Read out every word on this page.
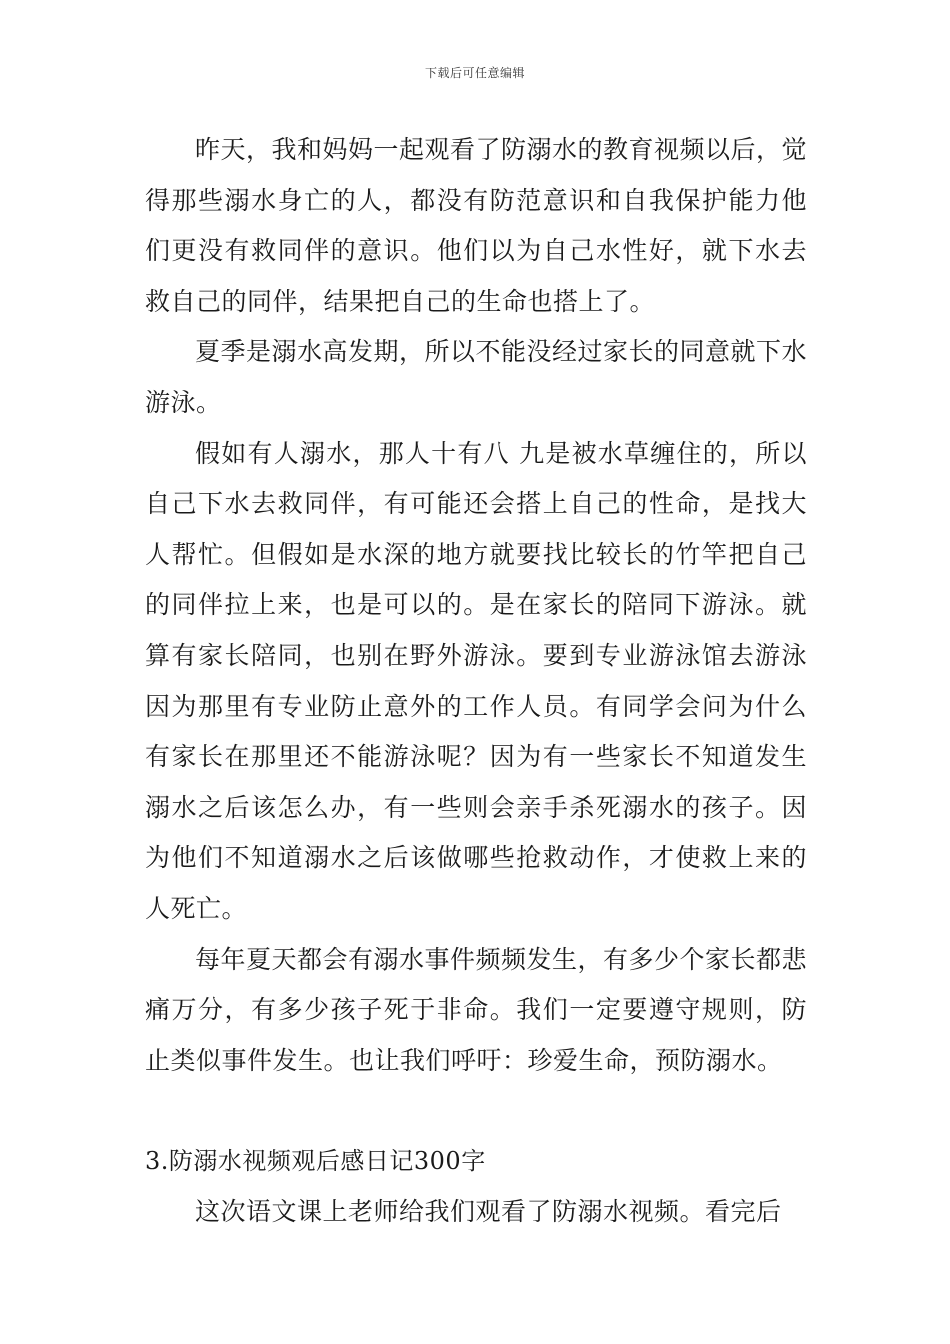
下载后可任意编辑

昨天，我和妈妈一起观看了防溺水的教育视频以后，觉得那些溺水身亡的人，都没有防范意识和自我保护能力他们更没有救同伴的意识。他们以为自己水性好，就下水去救自己的同伴，结果把自己的生命也搭上了。

夏季是溺水高发期，所以不能没经过家长的同意就下水游泳。

假如有人溺水，那人十有八 九是被水草缠住的，所以自己下水去救同伴，有可能还会搭上自己的性命，是找大人帮忙。但假如是水深的地方就要找比较长的竹竿把自己的同伴拉上来，也是可以的。是在家长的陪同下游泳。就算有家长陪同，也别在野外游泳。要到专业游泳馆去游泳因为那里有专业防止意外的工作人员。有同学会问为什么有家长在那里还不能游泳呢？因为有一些家长不知道发生溺水之后该怎么办，有一些则会亲手杀死溺水的孩子。因为他们不知道溺水之后该做哪些抢救动作，才使救上来的人死亡。

每年夏天都会有溺水事件频频发生，有多少个家长都悲痛万分，有多少孩子死于非命。我们一定要遵守规则，防止类似事件发生。也让我们呼吁：珍爱生命，预防溺水。

3.防溺水视频观后感日记300字

这次语文课上老师给我们观看了防溺水视频。看完后
